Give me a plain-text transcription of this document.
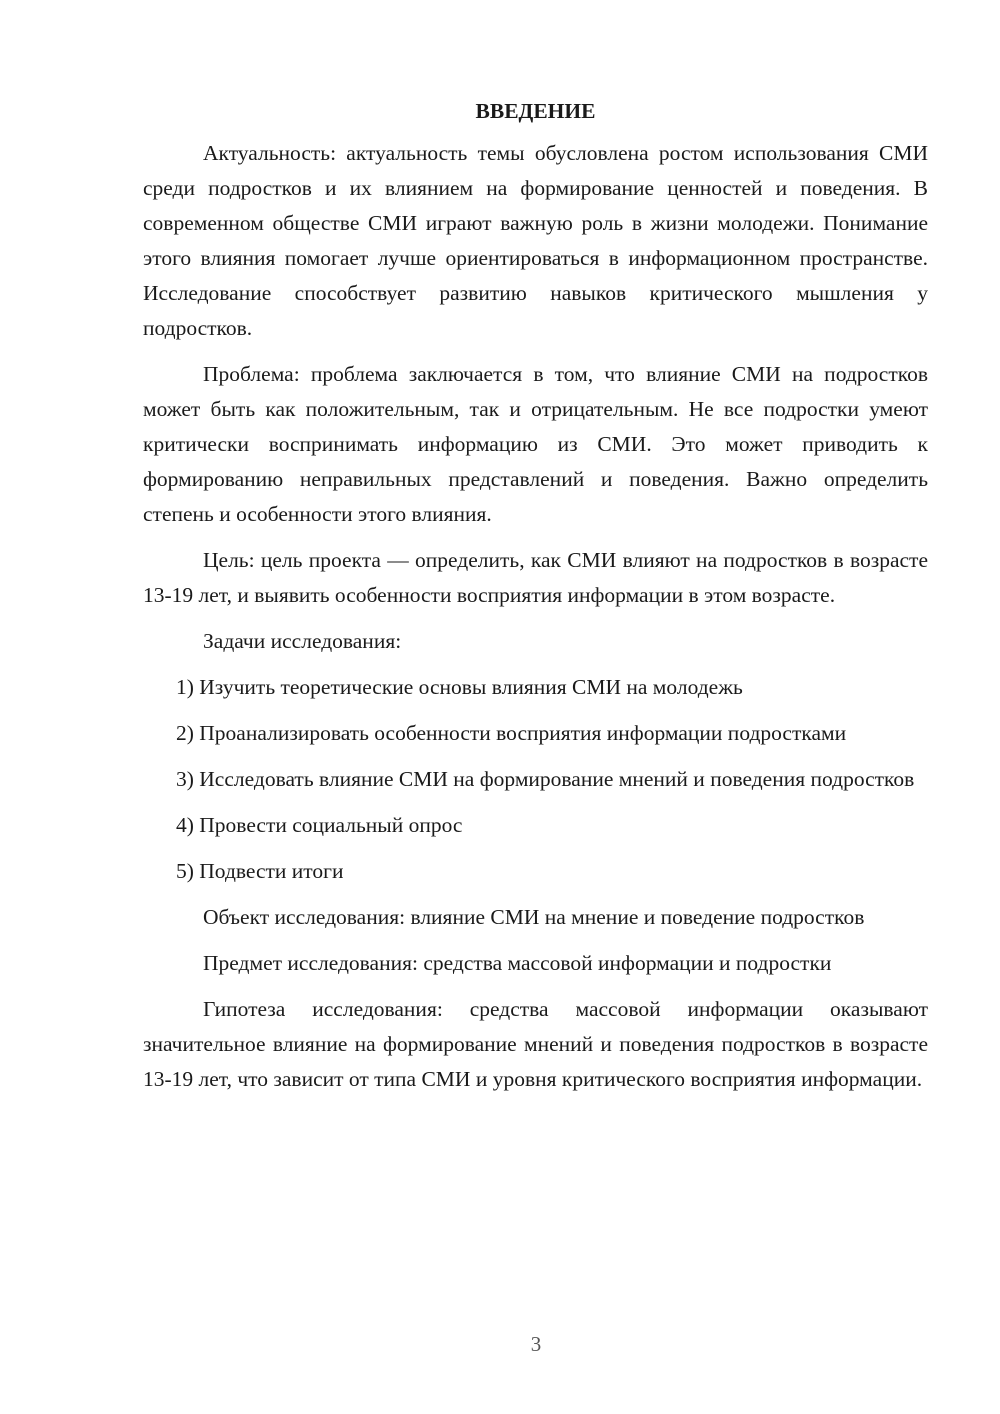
ВВЕДЕНИЕ

Актуальность: актуальность темы обусловлена ростом использования СМИ среди подростков и их влиянием на формирование ценностей и поведения. В современном обществе СМИ играют важную роль в жизни молодежи. Понимание этого влияния помогает лучше ориентироваться в информационном пространстве. Исследование способствует развитию навыков критического мышления у подростков.

Проблема: проблема заключается в том, что влияние СМИ на подростков может быть как положительным, так и отрицательным. Не все подростки умеют критически воспринимать информацию из СМИ. Это может приводить к формированию неправильных представлений и поведения. Важно определить степень и особенности этого влияния.

Цель: цель проекта — определить, как СМИ влияют на подростков в возрасте 13-19 лет, и выявить особенности восприятия информации в этом возрасте.

Задачи исследования:

1) Изучить теоретические основы влияния СМИ на молодежь

2) Проанализировать особенности восприятия информации подростками

3) Исследовать влияние СМИ на формирование мнений и поведения подростков

4) Провести социальный опрос

5) Подвести итоги

Объект исследования: влияние СМИ на мнение и поведение подростков

Предмет исследования: средства массовой информации и подростки

Гипотеза исследования: средства массовой информации оказывают значительное влияние на формирование мнений и поведения подростков в возрасте 13-19 лет, что зависит от типа СМИ и уровня критического восприятия информации.

3
